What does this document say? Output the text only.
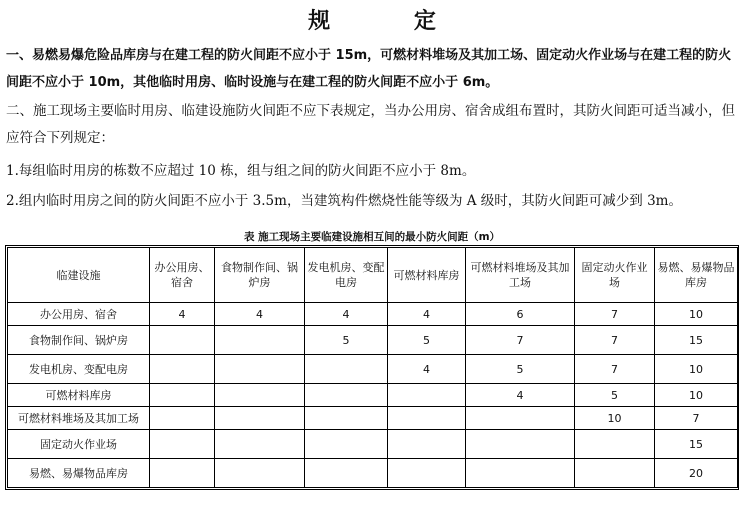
规 定
一、易燃易爆危险品库房与在建工程的防火间距不应小于 15m，可燃材料堆场及其加工场、固定动火作业场与在建工程的防火间距不应小于 10m，其他临时用房、临时设施与在建工程的防火间距不应小于 6m。
二、施工现场主要临时用房、临建设施防火间距不应下表规定，当办公用房、宿舍成组布置时，其防火间距可适当减小，但应符合下列规定：
1.每组临时用房的栋数不应超过 10 栋，组与组之间的防火间距不应小于 8m。
2.组内临时用房之间的防火间距不应小于 3.5m，当建筑构件燃烧性能等级为 A 级时，其防火间距可减少到 3m。
表 施工现场主要临建设施相互间的最小防火间距（m）
临建设施	办公用房、宿舍	食物制作间、锅炉房	发电机房、变配电房	可燃材料库房	可燃材料堆场及其加工场	固定动火作业场	易燃、易爆物品库房
办公用房、宿舍	4	4	4	4	6	7	10
食物制作间、锅炉房			5	5	7	7	15
发电机房、变配电房				4	5	7	10
可燃材料库房					4	5	10
可燃材料堆场及其加工场						10	7
固定动火作业场							15
易燃、易爆物品库房							20
